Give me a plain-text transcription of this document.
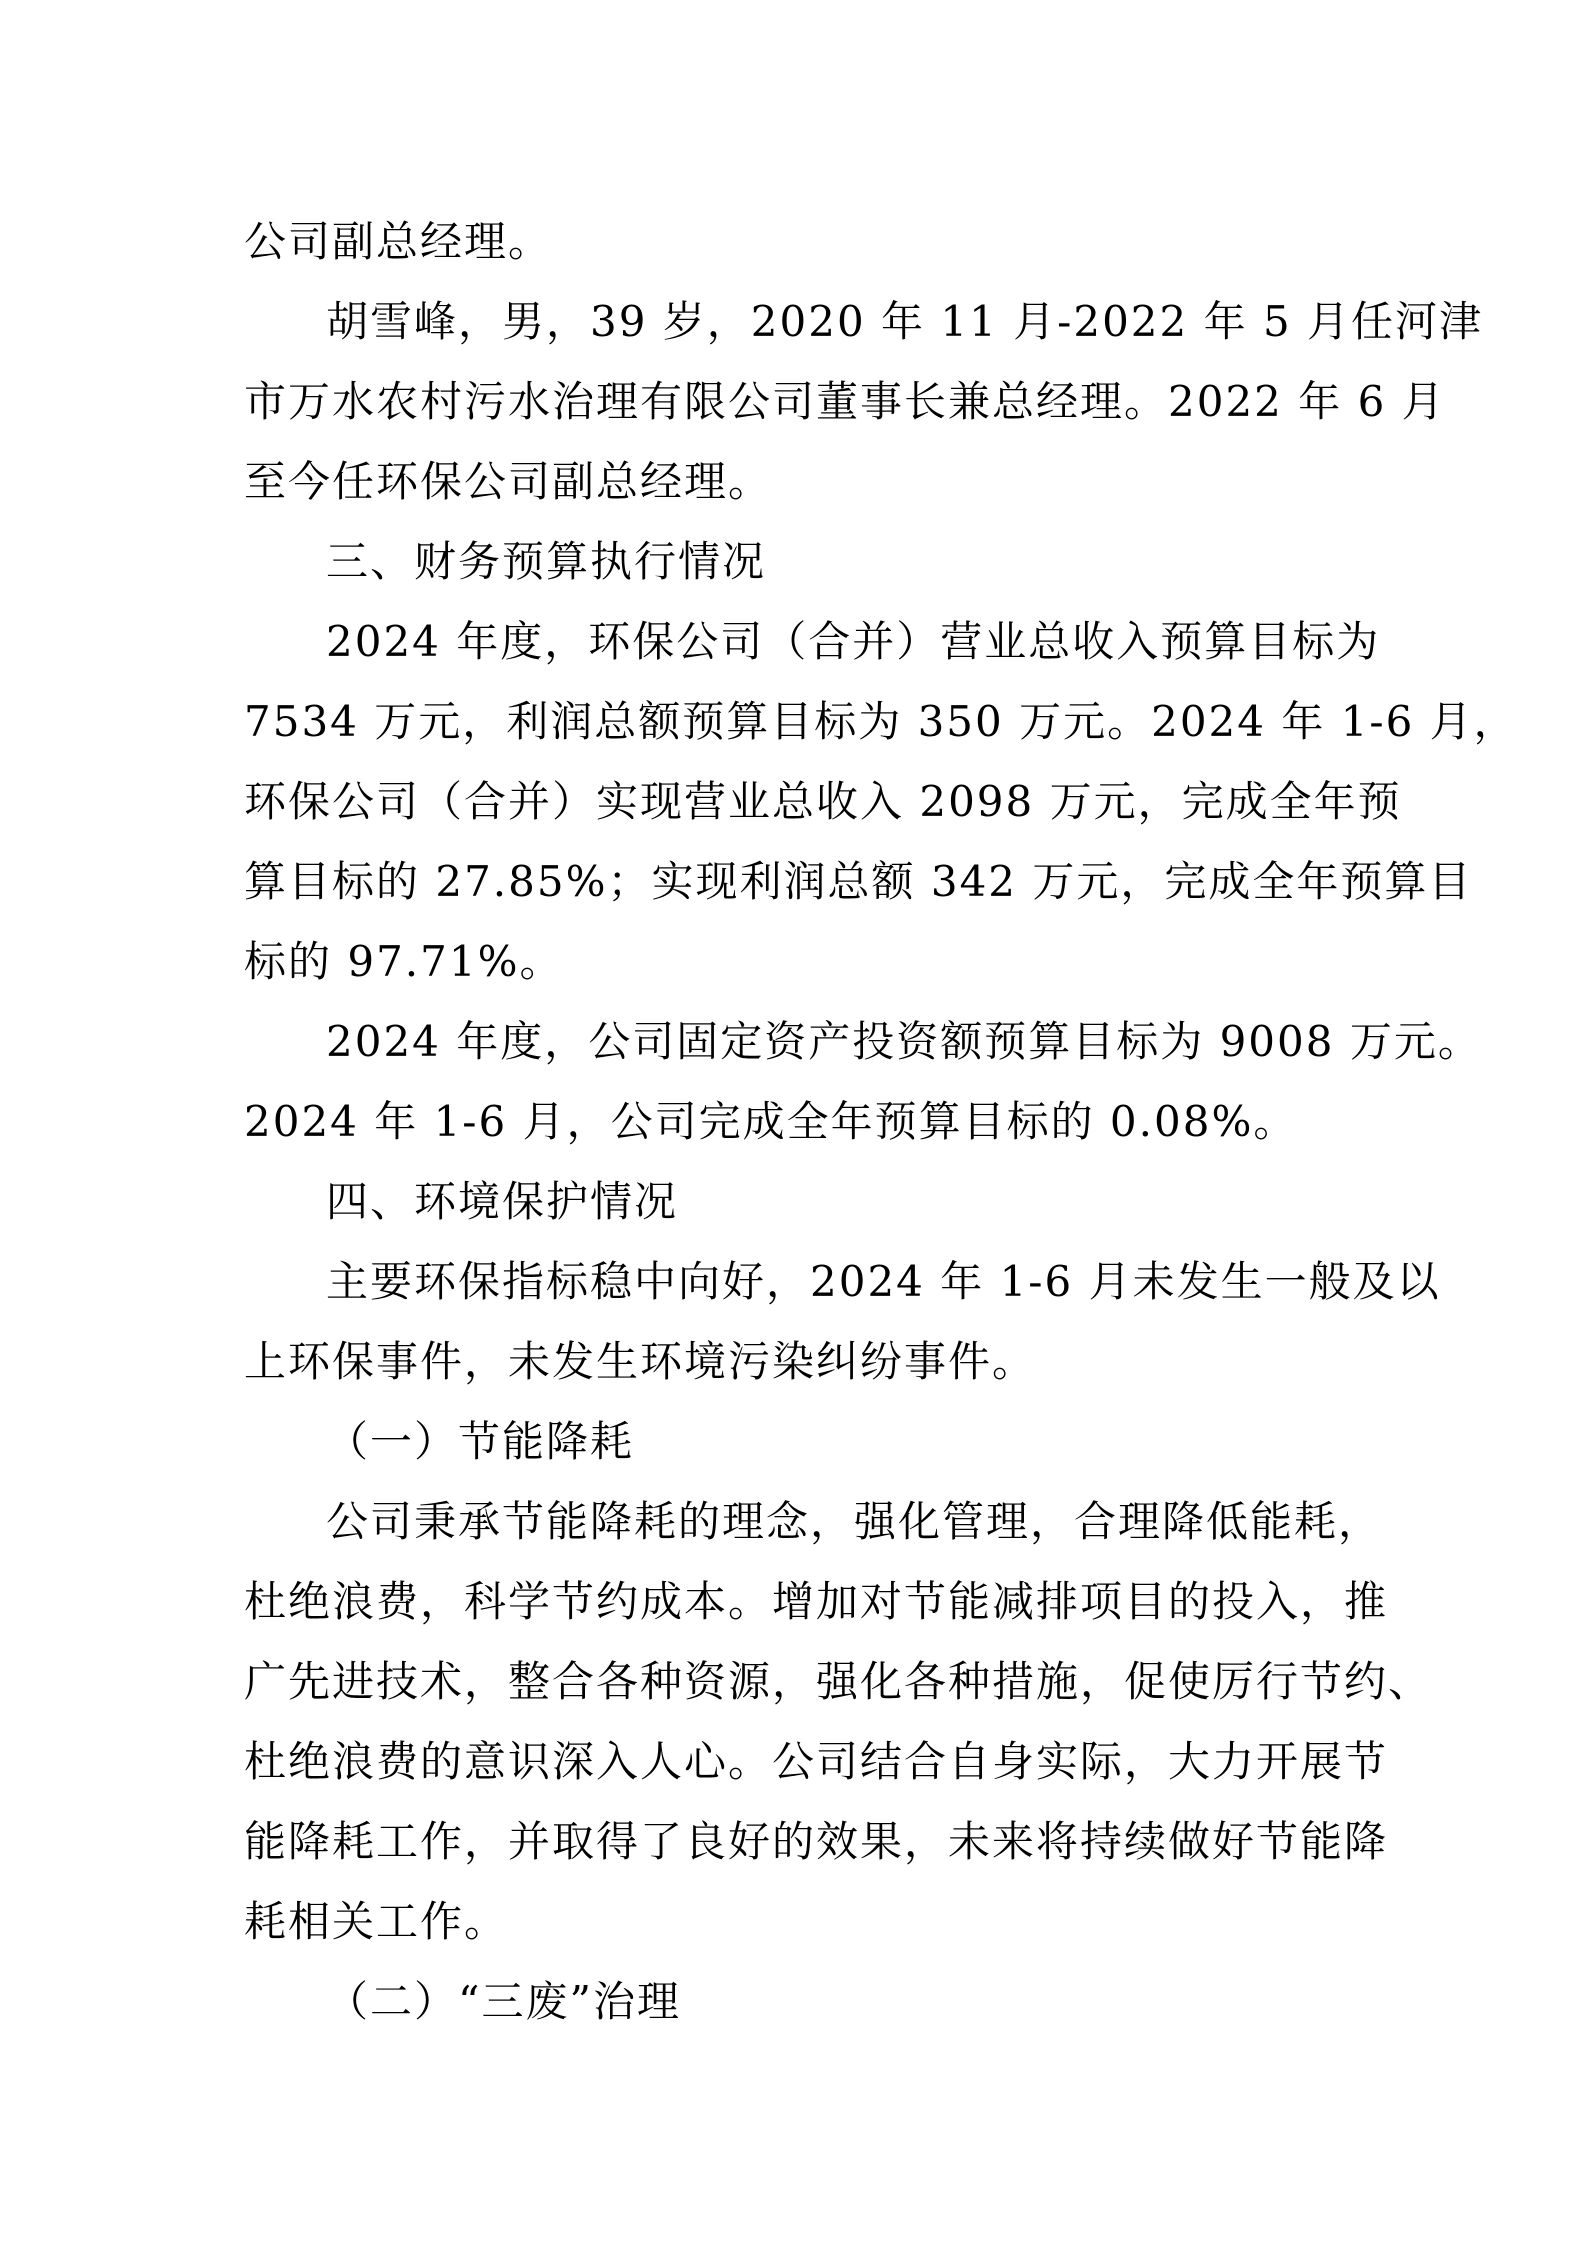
公司副总经理。
胡雪峰，男，39 岁，2020 年 11 月-2022 年 5 月任河津
市万水农村污水治理有限公司董事长兼总经理。2022 年 6 月
至今任环保公司副总经理。
三、财务预算执行情况
2024 年度，环保公司（合并）营业总收入预算目标为
7534 万元，利润总额预算目标为 350 万元。2024 年 1-6 月，
环保公司（合并）实现营业总收入 2098 万元，完成全年预
算目标的 27.85%；实现利润总额 342 万元，完成全年预算目
标的 97.71%。
2024 年度，公司固定资产投资额预算目标为 9008 万元。
2024 年 1-6 月，公司完成全年预算目标的 0.08%。
四、环境保护情况
主要环保指标稳中向好，2024 年 1-6 月未发生一般及以
上环保事件，未发生环境污染纠纷事件。
（一）节能降耗
公司秉承节能降耗的理念，强化管理，合理降低能耗，
杜绝浪费，科学节约成本。增加对节能减排项目的投入，推
广先进技术，整合各种资源，强化各种措施，促使厉行节约、
杜绝浪费的意识深入人心。公司结合自身实际，大力开展节
能降耗工作，并取得了良好的效果，未来将持续做好节能降
耗相关工作。
（二）“三废”治理
